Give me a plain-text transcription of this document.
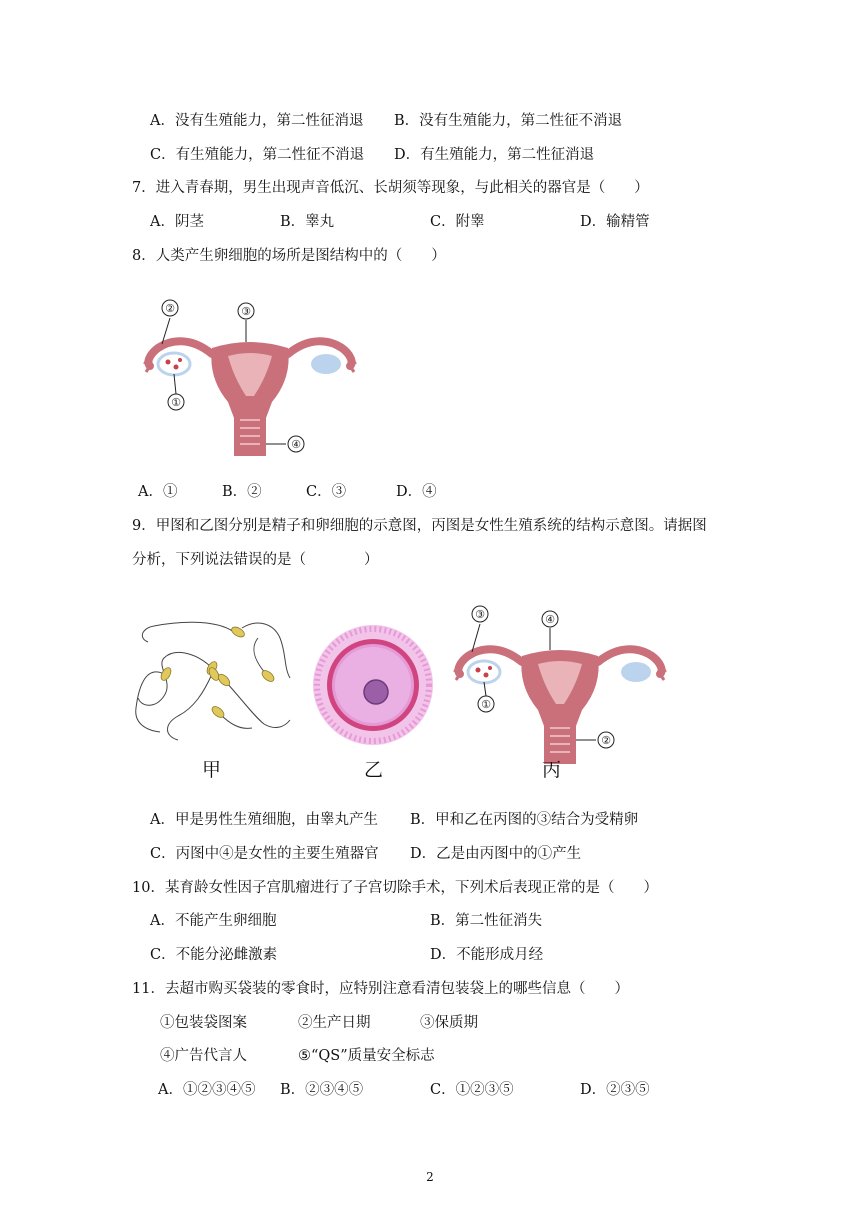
A．没有生殖能力，第二性征消退 B．没有生殖能力，第二性征不消退
C．有生殖能力，第二性征不消退 D．有生殖能力，第二性征消退
7．进入青春期，男生出现声音低沉、长胡须等现象，与此相关的器官是（　　）
A．阴茎	B．睾丸	C．附睾	D．输精管
8．人类产生卵细胞的场所是图结构中的（　　）
②	③
①
④
A．①	B．②	C．③	D．④
9．甲图和乙图分别是精子和卵细胞的示意图，丙图是女性生殖系统的结构示意图。请据图
分析，下列说法错误的是（　　　　）
③	④
①
②
甲	乙	丙
A．甲是男性生殖细胞，由睾丸产生 B．甲和乙在丙图的③结合为受精卵
C．丙图中④是女性的主要生殖器官 D．乙是由丙图中的①产生
10．某育龄女性因子宫肌瘤进行了子宫切除手术，下列术后表现正常的是（　　）
A．不能产生卵细胞	B．第二性征消失
C．不能分泌雌激素	D．不能形成月经
11．去超市购买袋装的零食时，应特别注意看清包装袋上的哪些信息（　　）
①包装袋图案	②生产日期	③保质期
④广告代言人	⑤“QS”质量安全标志
A．①②③④⑤ B．②③④⑤	C．①②③⑤	D．②③⑤
2
